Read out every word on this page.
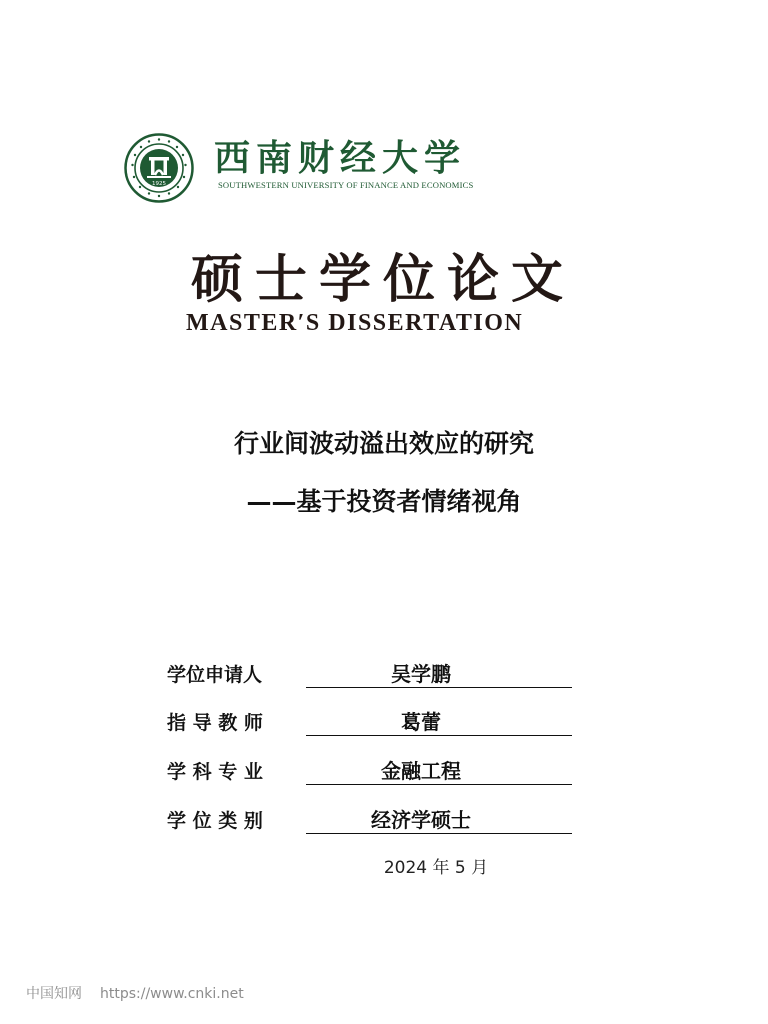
1925
西南财经大学
SOUTHWESTERN UNIVERSITY OF FINANCE AND ECONOMICS
硕士学位论文
MASTER′S DISSERTATION
行业间波动溢出效应的研究
——基于投资者情绪视角
学位申请人	吴学鹏
指 导 教 师	葛蕾
学 科 专 业	金融工程
学 位 类 别	经济学硕士
2024 年 5 月
中国知网 https://www.cnki.net
